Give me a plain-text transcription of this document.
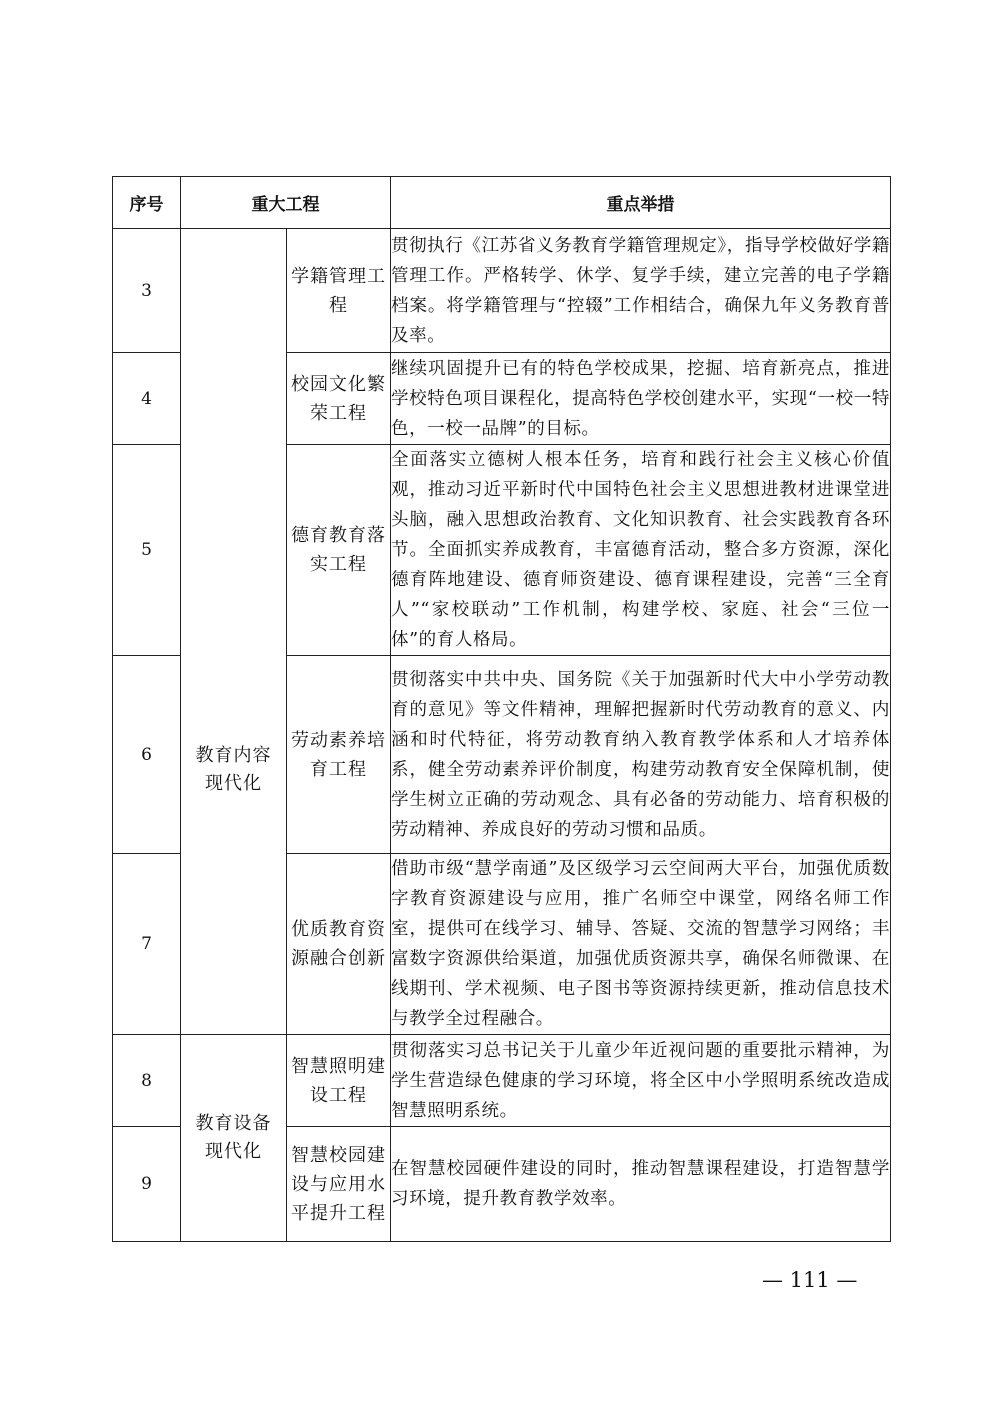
序号	重大工程		重点举措
3	教育内容现代化	学籍管理工程	贯彻执行《江苏省义务教育学籍管理规定》，指导学校做好学籍管理工作。严格转学、休学、复学手续，建立完善的电子学籍档案。将学籍管理与“控辍”工作相结合，确保九年义务教育普及率。
4		校园文化繁荣工程	继续巩固提升已有的特色学校成果，挖掘、培育新亮点，推进学校特色项目课程化，提高特色学校创建水平，实现“一校一特色，一校一品牌”的目标。
5		德育教育落实工程	全面落实立德树人根本任务，培育和践行社会主义核心价值观，推动习近平新时代中国特色社会主义思想进教材进课堂进头脑，融入思想政治教育、文化知识教育、社会实践教育各环节。全面抓实养成教育，丰富德育活动，整合多方资源，深化德育阵地建设、德育师资建设、德育课程建设，完善“三全育人”“家校联动”工作机制，构建学校、家庭、社会“三位一体”的育人格局。
6		劳动素养培育工程	贯彻落实中共中央、国务院《关于加强新时代大中小学劳动教育的意见》等文件精神，理解把握新时代劳动教育的意义、内涵和时代特征，将劳动教育纳入教育教学体系和人才培养体系，健全劳动素养评价制度，构建劳动教育安全保障机制，使学生树立正确的劳动观念、具有必备的劳动能力、培育积极的劳动精神、养成良好的劳动习惯和品质。
7		优质教育资源融合创新	借助市级“慧学南通”及区级学习云空间两大平台，加强优质数字教育资源建设与应用，推广名师空中课堂，网络名师工作室，提供可在线学习、辅导、答疑、交流的智慧学习网络；丰富数字资源供给渠道，加强优质资源共享，确保名师微课、在线期刊、学术视频、电子图书等资源持续更新，推动信息技术与教学全过程融合。
8	教育设备现代化	智慧照明建设工程	贯彻落实习总书记关于儿童少年近视问题的重要批示精神，为学生营造绿色健康的学习环境，将全区中小学照明系统改造成智慧照明系统。
9		智慧校园建设与应用水平提升工程	在智慧校园硬件建设的同时，推动智慧课程建设，打造智慧学习环境，提升教育教学效率。
— 111 —
